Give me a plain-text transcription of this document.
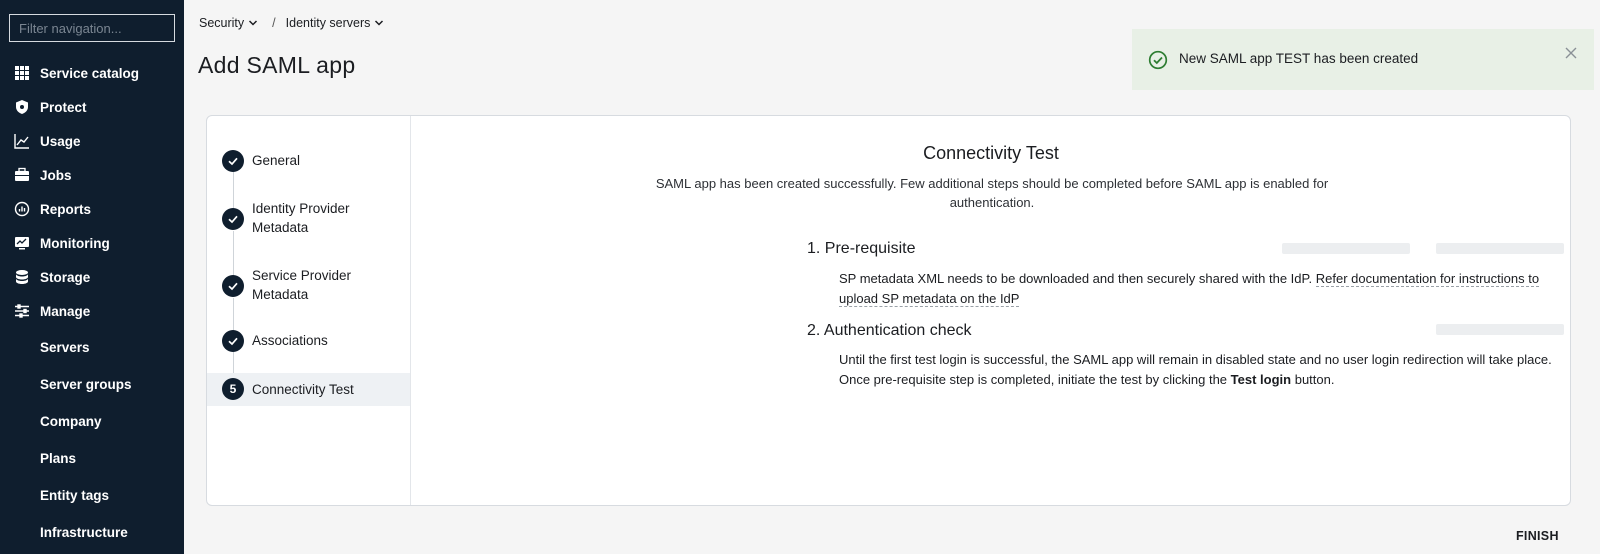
Filter navigation...
Service catalog
Protect
Usage
Jobs
Reports
Monitoring
Storage
Manage
Servers
Server groups
Company
Plans
Entity tags
Infrastructure
Security / Identity servers
Add SAML app	New SAML app TEST has been created
General
Identity Provider Metadata
Service Provider Metadata
Associations
5	Connectivity Test
Connectivity Test
SAML app has been created successfully. Few additional steps should be completed before SAML app is enabled for authentication.
1. Pre-requisite
SP metadata XML needs to be downloaded and then securely shared with the IdP. Refer documentation for instructions to upload SP metadata on the IdP
2. Authentication check
Until the first test login is successful, the SAML app will remain in disabled state and no user login redirection will take place. Once pre-requisite step is completed, initiate the test by clicking the Test login button.
FINISH
